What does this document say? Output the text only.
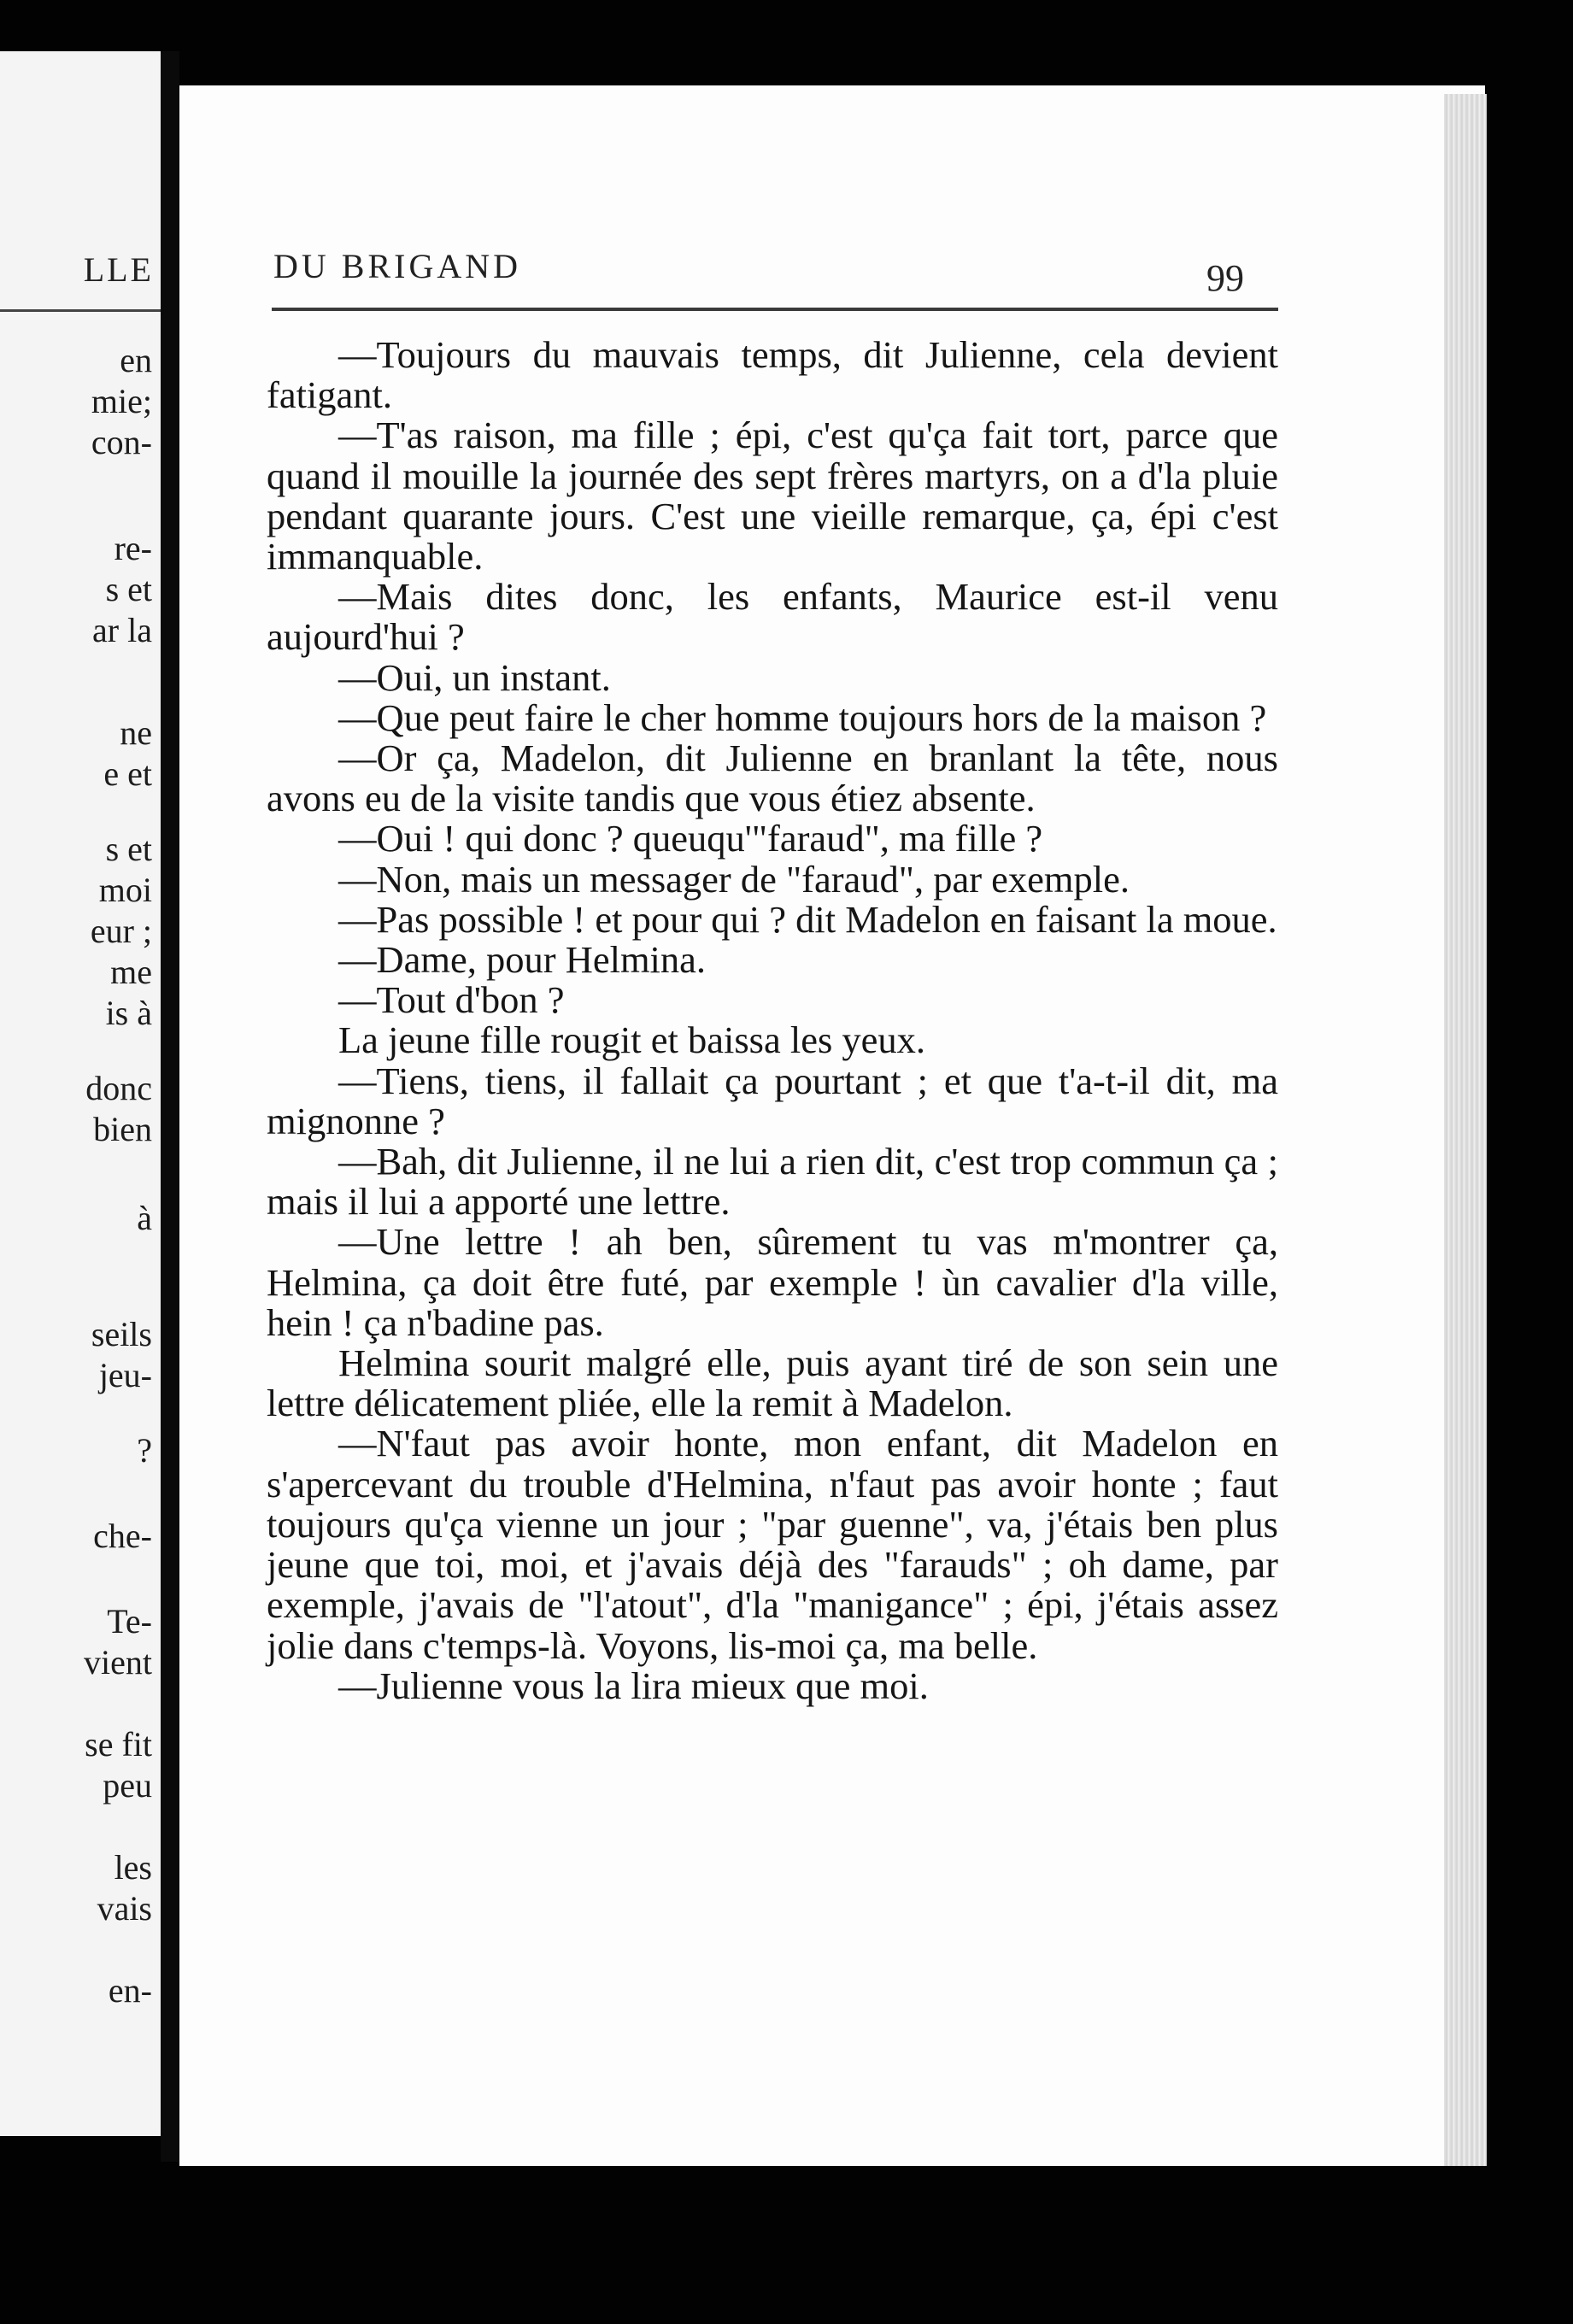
LLE
en
mie;
con-
re-
s et
ar la
ne
e et
s et
moi
eur ;
me
is à
donc
bien
à
seils
jeu-
?
che-
Te-
vient
se fit
peu
les
vais
en-
DU BRIGAND	99

—Toujours du mauvais temps, dit Julienne, cela devient fatigant.

—T'as raison, ma fille ; épi, c'est qu'ça fait tort, parce que quand il mouille la journée des sept frères martyrs, on a d'la pluie pendant quarante jours. C'est une vieille remarque, ça, épi c'est immanquable.

—Mais dites donc, les enfants, Maurice est-il venu aujourd'hui ?

—Oui, un instant.

—Que peut faire le cher homme toujours hors de la maison ?

—Or ça, Madelon, dit Julienne en branlant la tête, nous avons eu de la visite tandis que vous étiez absente.

—Oui ! qui donc ? queuqu'"faraud", ma fille ?

—Non, mais un messager de "faraud", par exemple.

—Pas possible ! et pour qui ? dit Madelon en faisant la moue.

—Dame, pour Helmina.

—Tout d'bon ?

La jeune fille rougit et baissa les yeux.

—Tiens, tiens, il fallait ça pourtant ; et que t'a-t-il dit, ma mignonne ?

—Bah, dit Julienne, il ne lui a rien dit, c'est trop commun ça ; mais il lui a apporté une lettre.

—Une lettre ! ah ben, sûrement tu vas m'montrer ça, Helmina, ça doit être futé, par exemple ! ùn cavalier d'la ville, hein ! ça n'badine pas.

Helmina sourit malgré elle, puis ayant tiré de son sein une lettre délicatement pliée, elle la remit à Madelon.

—N'faut pas avoir honte, mon enfant, dit Madelon en s'apercevant du trouble d'Helmina, n'faut pas avoir honte ; faut toujours qu'ça vienne un jour ; "par guenne", va, j'étais ben plus jeune que toi, moi, et j'avais déjà des "farauds" ; oh dame, par exemple, j'avais de "l'atout", d'la "manigance" ; épi, j'étais assez jolie dans c'temps-là. Voyons, lis-moi ça, ma belle.

—Julienne vous la lira mieux que moi.
